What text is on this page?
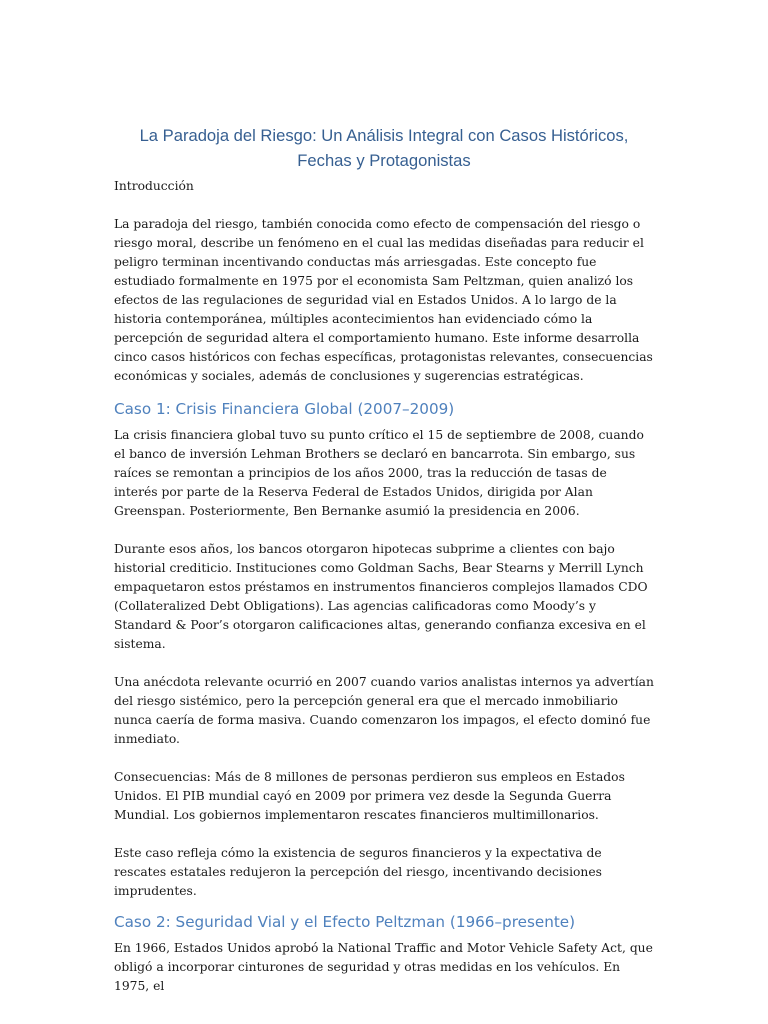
La Paradoja del Riesgo: Un Análisis Integral con Casos Históricos, Fechas y Protagonistas

Introducción

La paradoja del riesgo, también conocida como efecto de compensación del riesgo o riesgo moral, describe un fenómeno en el cual las medidas diseñadas para reducir el peligro terminan incentivando conductas más arriesgadas. Este concepto fue estudiado formalmente en 1975 por el economista Sam Peltzman, quien analizó los efectos de las regulaciones de seguridad vial en Estados Unidos. A lo largo de la historia contemporánea, múltiples acontecimientos han evidenciado cómo la percepción de seguridad altera el comportamiento humano. Este informe desarrolla cinco casos históricos con fechas específicas, protagonistas relevantes, consecuencias económicas y sociales, además de conclusiones y sugerencias estratégicas.

Caso 1: Crisis Financiera Global (2007–2009)

La crisis financiera global tuvo su punto crítico el 15 de septiembre de 2008, cuando el banco de inversión Lehman Brothers se declaró en bancarrota. Sin embargo, sus raíces se remontan a principios de los años 2000, tras la reducción de tasas de interés por parte de la Reserva Federal de Estados Unidos, dirigida por Alan Greenspan. Posteriormente, Ben Bernanke asumió la presidencia en 2006.

Durante esos años, los bancos otorgaron hipotecas subprime a clientes con bajo historial crediticio. Instituciones como Goldman Sachs, Bear Stearns y Merrill Lynch empaquetaron estos préstamos en instrumentos financieros complejos llamados CDO (Collateralized Debt Obligations). Las agencias calificadoras como Moody’s y Standard & Poor’s otorgaron calificaciones altas, generando confianza excesiva en el sistema.

Una anécdota relevante ocurrió en 2007 cuando varios analistas internos ya advertían del riesgo sistémico, pero la percepción general era que el mercado inmobiliario nunca caería de forma masiva. Cuando comenzaron los impagos, el efecto dominó fue inmediato.

Consecuencias: Más de 8 millones de personas perdieron sus empleos en Estados Unidos. El PIB mundial cayó en 2009 por primera vez desde la Segunda Guerra Mundial. Los gobiernos implementaron rescates financieros multimillonarios.

Este caso refleja cómo la existencia de seguros financieros y la expectativa de rescates estatales redujeron la percepción del riesgo, incentivando decisiones imprudentes.

Caso 2: Seguridad Vial y el Efecto Peltzman (1966–presente)

En 1966, Estados Unidos aprobó la National Traffic and Motor Vehicle Safety Act, que obligó a incorporar cinturones de seguridad y otras medidas en los vehículos. En 1975, el
